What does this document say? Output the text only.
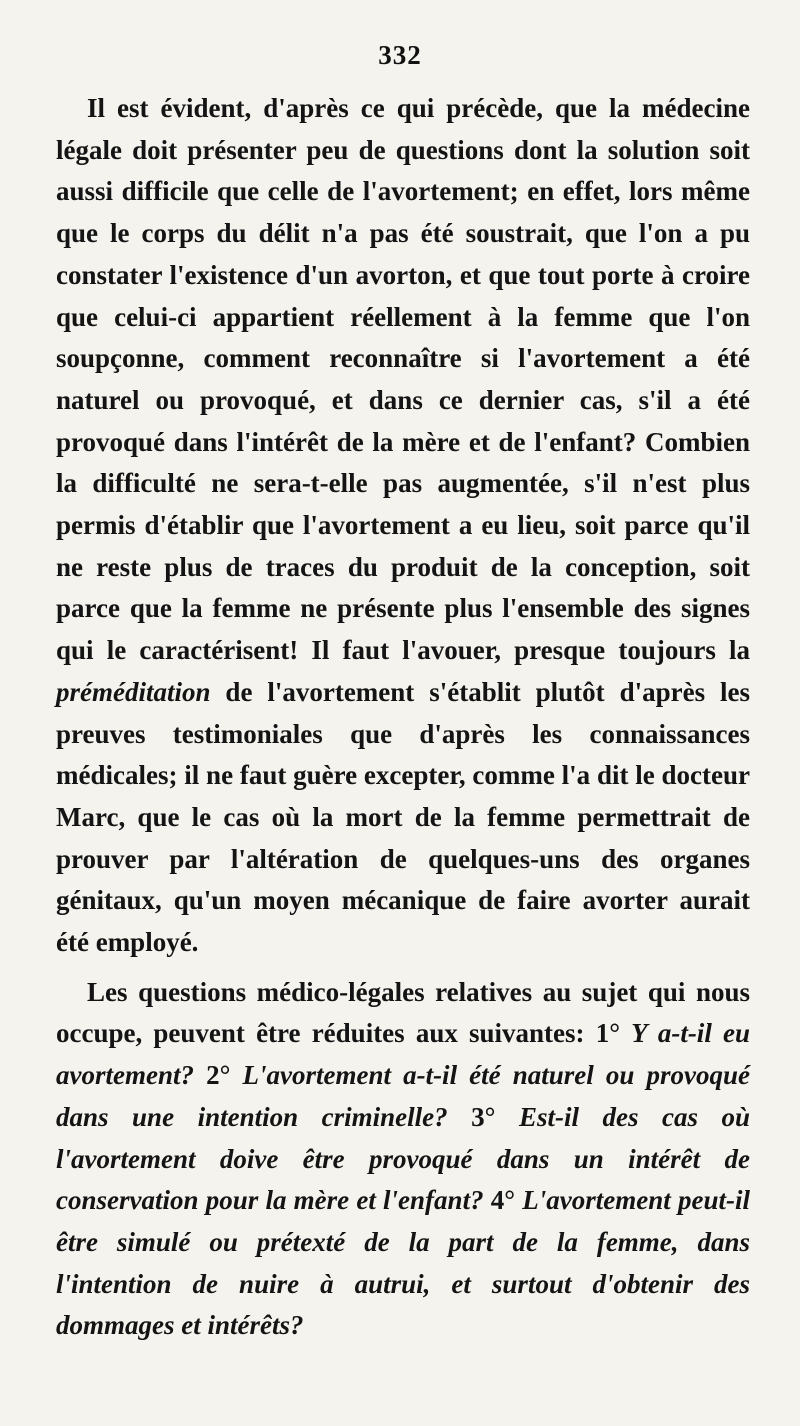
332

Il est évident, d'après ce qui précède, que la médecine légale doit présenter peu de questions dont la solution soit aussi difficile que celle de l'avortement; en effet, lors même que le corps du délit n'a pas été soustrait, que l'on a pu constater l'existence d'un avorton, et que tout porte à croire que celui-ci appartient réellement à la femme que l'on soupçonne, comment reconnaître si l'avortement a été naturel ou provoqué, et dans ce dernier cas, s'il a été provoqué dans l'intérêt de la mère et de l'enfant? Combien la difficulté ne sera-t-elle pas augmentée, s'il n'est plus permis d'établir que l'avortement a eu lieu, soit parce qu'il ne reste plus de traces du produit de la conception, soit parce que la femme ne présente plus l'ensemble des signes qui le caractérisent! Il faut l'avouer, presque toujours la préméditation de l'avortement s'établit plutôt d'après les preuves testimoniales que d'après les connaissances médicales; il ne faut guère excepter, comme l'a dit le docteur Marc, que le cas où la mort de la femme permettrait de prouver par l'altération de quelques-uns des organes génitaux, qu'un moyen mécanique de faire avorter aurait été employé.

Les questions médico-légales relatives au sujet qui nous occupe, peuvent être réduites aux suivantes: 1° Y a-t-il eu avortement? 2° L'avortement a-t-il été naturel ou provoqué dans une intention criminelle? 3° Est-il des cas où l'avortement doive être provoqué dans un intérêt de conservation pour la mère et l'enfant? 4° L'avortement peut-il être simulé ou prétexté de la part de la femme, dans l'intention de nuire à autrui, et surtout d'obtenir des dommages et intérêts?
